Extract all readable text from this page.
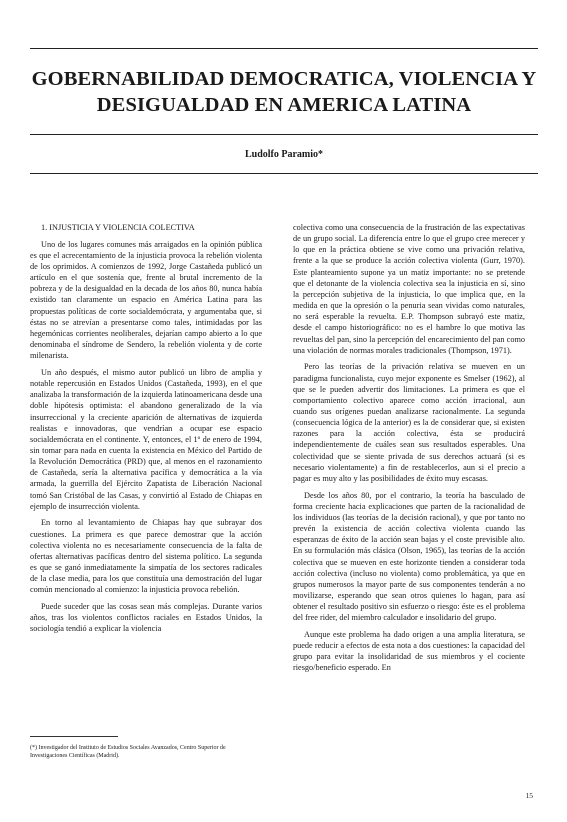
GOBERNABILIDAD DEMOCRATICA, VIOLENCIA Y DESIGUALDAD EN AMERICA LATINA

Ludolfo Paramio*

1. INJUSTICIA Y VIOLENCIA COLECTIVA

Uno de los lugares comunes más arraigados en la opinión pública es que el acrecentamiento de la injusticia provoca la rebelión violenta de los oprimidos. A comienzos de 1992, Jorge Castañeda publicó un artículo en el que sostenía que, frente al brutal incremento de la pobreza y de la desigualdad en la decada de los años 80, nunca había existido tan claramente un espacio en América Latina para las propuestas políticas de corte socialdemócrata, y argumentaba que, si éstas no se atrevían a presentarse como tales, intimidadas por las hegemónicas corrientes neoliberales, dejarían campo abierto a lo que denominaba el síndrome de Sendero, la rebelión violenta y de corte milenarista.

Un año después, el mismo autor publicó un libro de amplia y notable repercusión en Estados Unidos (Castañeda, 1993), en el que analizaba la transformación de la izquierda latinoamericana desde una doble hipótesis optimista: el abandono generalizado de la vía insurreccional y la creciente aparición de alternativas de izquierda realistas e innovadoras, que vendrían a ocupar ese espacio socialdemócrata en el continente. Y, entonces, el 1º de enero de 1994, sin tomar para nada en cuenta la existencia en México del Partido de la Revolución Democrática (PRD) que, al menos en el razonamiento de Castañeda, sería la alternativa pacífica y democrática a la vía armada, la guerrilla del Ejército Zapatista de Liberación Nacional tomó San Cristóbal de las Casas, y convirtió al Estado de Chiapas en ejemplo de insurrección violenta.

En torno al levantamiento de Chiapas hay que subrayar dos cuestiones. La primera es que parece demostrar que la acción colectiva violenta no es necesariamente consecuencia de la falta de ofertas alternativas pacíficas dentro del sistema político. La segunda es que se ganó inmediatamente la simpatía de los sectores radicales de la clase media, para los que constituía una demostración del lugar común mencionado al comienzo: la injusticia provoca rebelión.

Puede suceder que las cosas sean más complejas. Durante varios años, tras los violentos conflictos raciales en Estados Unidos, la sociología tendió a explicar la violencia

colectiva como una consecuencia de la frustración de las expectativas de un grupo social. La diferencia entre lo que el grupo cree merecer y lo que en la práctica obtiene se vive como una privación relativa, frente a la que se produce la acción colectiva violenta (Gurr, 1970). Este planteamiento supone ya un matiz importante: no se pretende que el detonante de la violencia colectiva sea la injusticia en sí, sino la percepción subjetiva de la injusticia, lo que implica que, en la medida en que la opresión o la penuria sean vividas como naturales, no será esperable la revuelta. E.P. Thompson subrayó este matiz, desde el campo historiográfico: no es el hambre lo que motiva las revueltas del pan, sino la percepción del encarecimiento del pan como una violación de normas morales tradicionales (Thompson, 1971).

Pero las teorías de la privación relativa se mueven en un paradigma funcionalista, cuyo mejor exponente es Smelser (1962), al que se le pueden advertir dos limitaciones. La primera es que el comportamiento colectivo aparece como acción irracional, aun cuando sus orígenes puedan analizarse racionalmente. La segunda (consecuencia lógica de la anterior) es la de considerar que, si existen razones para la acción colectiva, ésta se producirá independientemente de cuáles sean sus resultados esperables. Una colectividad que se siente privada de sus derechos actuará (si es necesario violentamente) a fin de restablecerlos, aun si el precio a pagar es muy alto y las posibilidades de éxito muy escasas.

Desde los años 80, por el contrario, la teoría ha basculado de forma creciente hacia explicaciones que parten de la racionalidad de los individuos (las teorías de la decisión racional), y que por tanto no prevén la existencia de acción colectiva violenta cuando las esperanzas de éxito de la acción sean bajas y el coste previsible alto. En su formulación más clásica (Olson, 1965), las teorías de la acción colectiva que se mueven en este horizonte tienden a considerar toda acción colectiva (incluso no violenta) como problemática, ya que en grupos numerosos la mayor parte de sus componentes tenderán a no movilizarse, esperando que sean otros quienes lo hagan, para así obtener el resultado positivo sin esfuerzo o riesgo: éste es el problema del free rider, del miembro calculador e insolidario del grupo.

Aunque este problema ha dado origen a una amplia literatura, se puede reducir a efectos de esta nota a dos cuestiones: la capacidad del grupo para evitar la insolidaridad de sus miembros y el cociente riesgo/beneficio esperado. En

(*) Investigador del Instituto de Estudios Sociales Avanzados, Centro Superior de Investigaciones Científicas (Madrid).

15
